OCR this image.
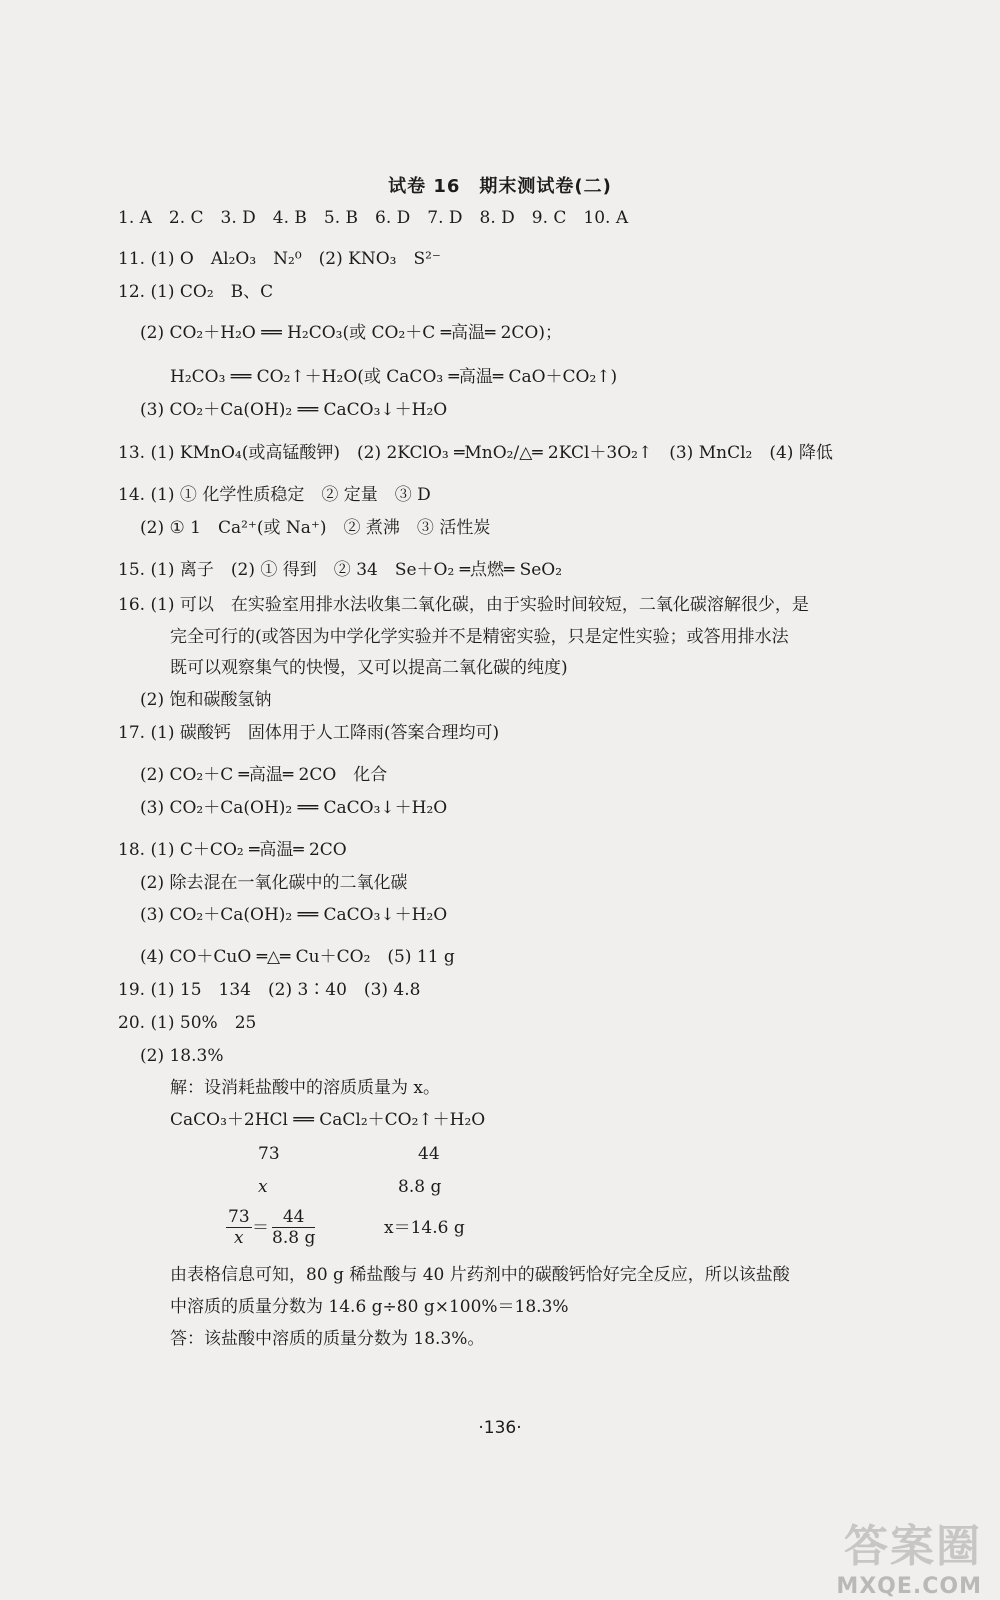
试卷 16　期末测试卷(二)
1. A　2. C　3. D　4. B　5. B　6. D　7. D　8. D　9. C　10. A
11. (1) O　Al₂O₃　N₂⁰　(2) KNO₃　S²⁻
12. (1) CO₂　B、C
(2) CO₂＋H₂O ══ H₂CO₃(或 CO₂＋C ═高温═ 2CO)；
H₂CO₃ ══ CO₂↑＋H₂O(或 CaCO₃ ═高温═ CaO＋CO₂↑)
(3) CO₂＋Ca(OH)₂ ══ CaCO₃↓＋H₂O
13. (1) KMnO₄(或高锰酸钾)　(2) 2KClO₃ ═MnO₂/△═ 2KCl＋3O₂↑　(3) MnCl₂　(4) 降低
14. (1) ① 化学性质稳定　② 定量　③ D
(2) ① 1　Ca²⁺(或 Na⁺)　② 煮沸　③ 活性炭
15. (1) 离子　(2) ① 得到　② 34　Se＋O₂ ═点燃═ SeO₂
16. (1) 可以　在实验室用排水法收集二氧化碳，由于实验时间较短，二氧化碳溶解很少，是
完全可行的(或答因为中学化学实验并不是精密实验，只是定性实验；或答用排水法
既可以观察集气的快慢，又可以提高二氧化碳的纯度)
(2) 饱和碳酸氢钠
17. (1) 碳酸钙　固体用于人工降雨(答案合理均可)
(2) CO₂＋C ═高温═ 2CO　化合
(3) CO₂＋Ca(OH)₂ ══ CaCO₃↓＋H₂O
18. (1) C＋CO₂ ═高温═ 2CO
(2) 除去混在一氧化碳中的二氧化碳
(3) CO₂＋Ca(OH)₂ ══ CaCO₃↓＋H₂O
(4) CO＋CuO ═△═ Cu＋CO₂　(5) 11 g
19. (1) 15　134　(2) 3∶40　(3) 4.8
20. (1) 50%　25
(2) 18.3%
解：设消耗盐酸中的溶质质量为 x。
CaCO₃＋2HCl ══ CaCl₂＋CO₂↑＋H₂O
73	44
x	8.8 g
$\frac{73}{x} = \frac{44}{8.8 g}$	x＝14.6 g
由表格信息可知，80 g 稀盐酸与 40 片药剂中的碳酸钙恰好完全反应，所以该盐酸
中溶质的质量分数为 14.6 g÷80 g×100%＝18.3%
答：该盐酸中溶质的质量分数为 18.3%。
·136·
答案圈
MXQE.COM
